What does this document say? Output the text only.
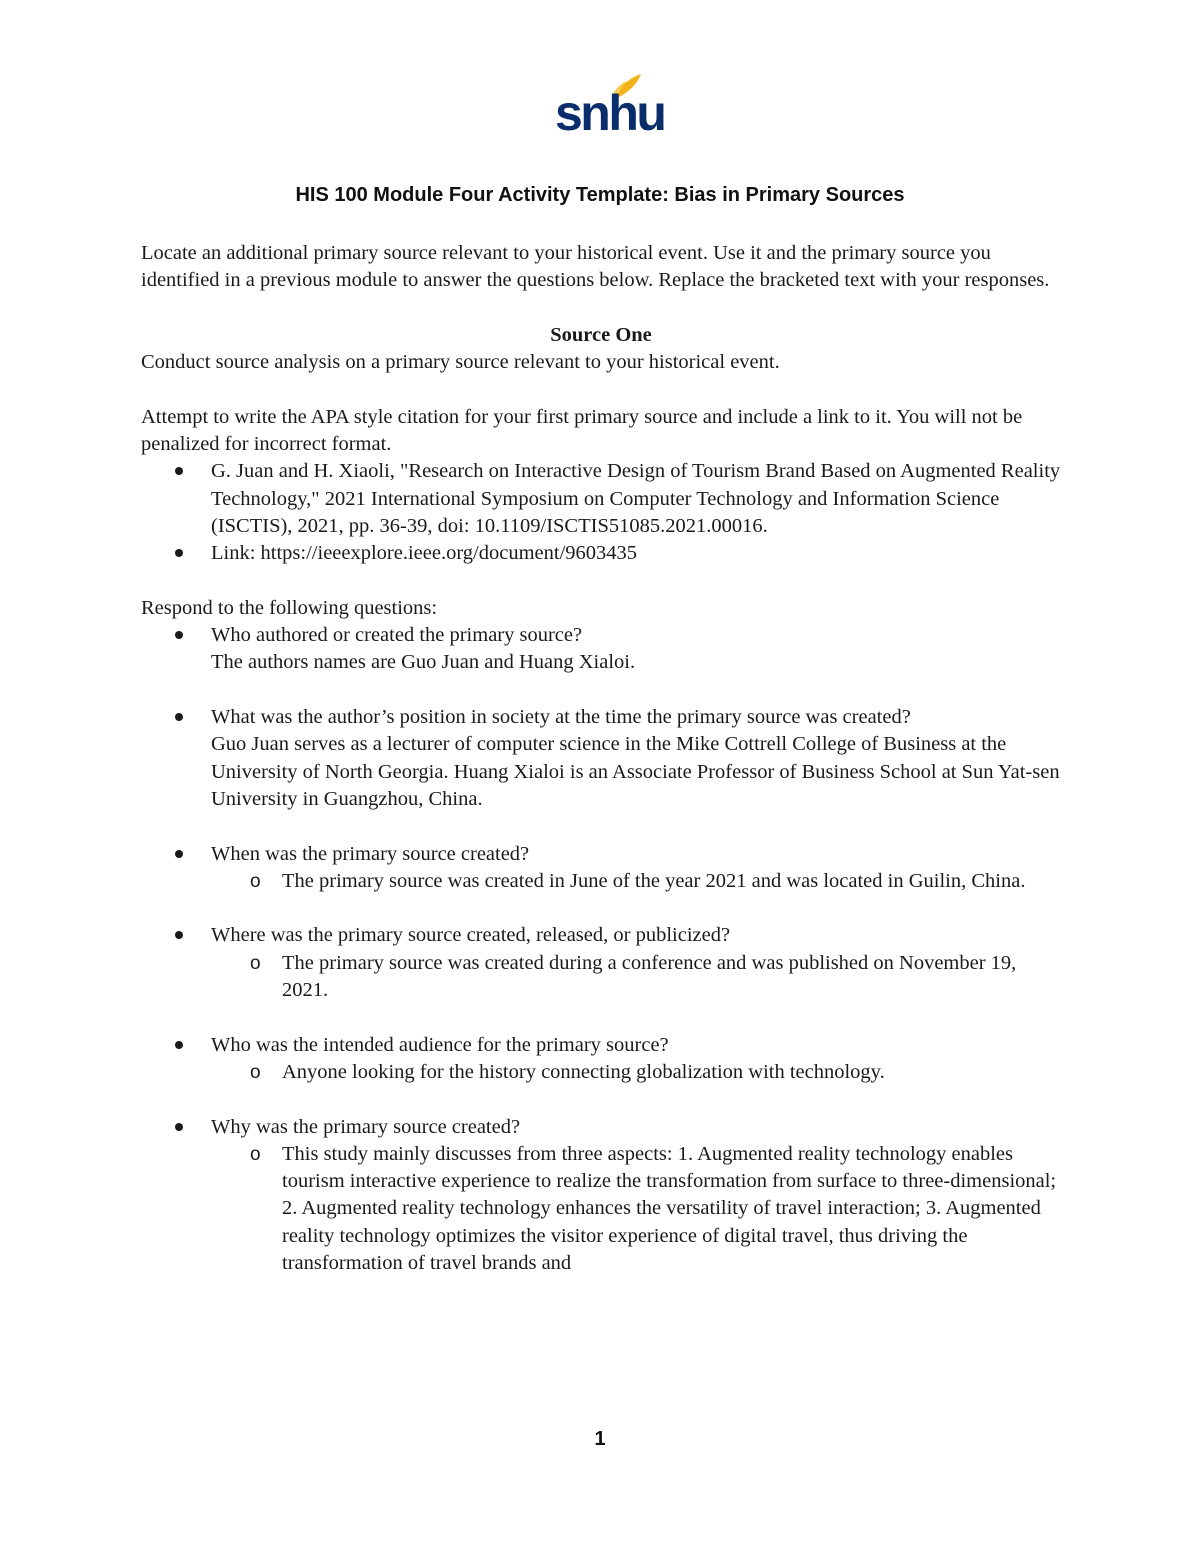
snhu
HIS 100 Module Four Activity Template: Bias in Primary Sources

Locate an additional primary source relevant to your historical event. Use it and the primary source you identified in a previous module to answer the questions below. Replace the bracketed text with your responses.

Source One

Conduct source analysis on a primary source relevant to your historical event.

Attempt to write the APA style citation for your first primary source and include a link to it. You will not be penalized for incorrect format.

G. Juan and H. Xiaoli, "Research on Interactive Design of Tourism Brand Based on Augmented Reality Technology," 2021 International Symposium on Computer Technology and Information Science (ISCTIS), 2021, pp. 36-39, doi: 10.1109/ISCTIS51085.2021.00016.
Link: https://ieeexplore.ieee.org/document/9603435

Respond to the following questions:

Who authored or created the primary source?

The authors names are Guo Juan and Huang Xialoi.

What was the author’s position in society at the time the primary source was created?

Guo Juan serves as a lecturer of computer science in the Mike Cottrell College of Business at the University of North Georgia. Huang Xialoi is an Associate Professor of Business School at Sun Yat-sen University in Guangzhou, China.

When was the primary source created?
o The primary source was created in June of the year 2021 and was located in Guilin, China.
Where was the primary source created, released, or publicized?
o The primary source was created during a conference and was published on November 19, 2021.
Who was the intended audience for the primary source?
o Anyone looking for the history connecting globalization with technology.
Why was the primary source created?
o This study mainly discusses from three aspects: 1. Augmented reality technology enables tourism interactive experience to realize the transformation from surface to three-dimensional; 2. Augmented reality technology enhances the versatility of travel interaction; 3. Augmented reality technology optimizes the visitor experience of digital travel, thus driving the transformation of travel brands and
1
